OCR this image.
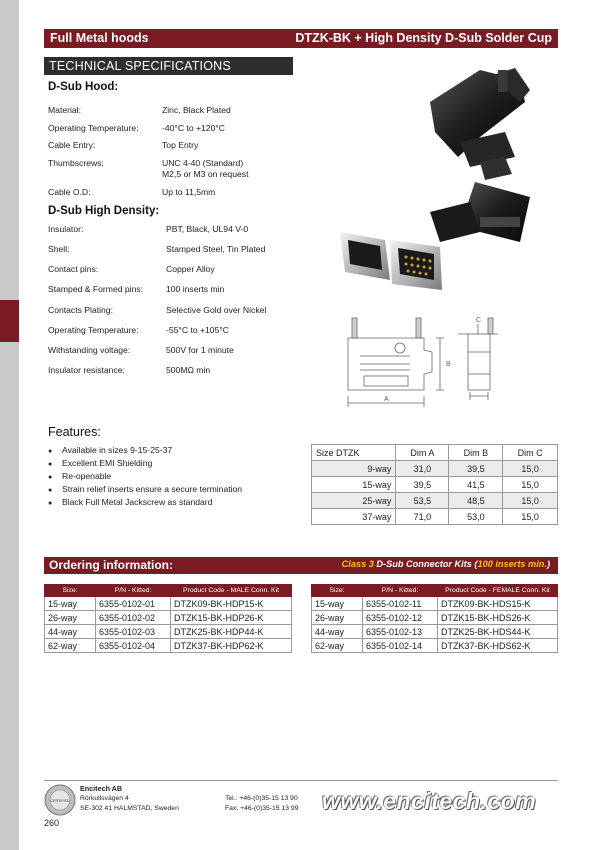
Full Metal hoods	DTZK-BK + High Density D-Sub Solder Cup
TECHNICAL SPECIFICATIONS
D-Sub Hood:
Material:	Zinc, Black Plated
Operating Temperature:	-40°C to +120°C
Cable Entry:	Top Entry
Thumbscrews:	UNC 4-40 (Standard)
M2,5 or M3 on request
Cable O.D:	Up to 11,5mm
D-Sub High Density:
Insulator:	PBT, Black, UL94 V-0
Shell:	Stamped Steel, Tin Plated
Contact pins:	Copper Alloy
Stamped & Formed pins:	100 inserts min
Contacts Plating:	Selective Gold over Nickel
Operating Temperature:	-55°C to +105°C
Withstanding voltage:	500V for 1 minute
Insulator resistance:	500MΩ min
A
B
C
Features:
● Available in sizes 9-15-25-37
● Excellent EMI Shielding
● Re-openable
● Strain relief inserts ensure a secure termination
● Black Full Metal Jackscrew as standard
Size DTZK	Dim A	Dim B	Dim C
9-way	31,0	39,5	15,0
15-way	39,5	41,5	15,0
25-way	53,5	48,5	15,0
37-way	71,0	53,0	15,0
Ordering information:	Class 3 D-Sub Connector Kits (100 inserts min.)
Size:	P/N - Kitted:	Product Code - MALE Conn. Kit
15-way	6355-0102-01	DTZK09-BK-HDP15-K
26-way	6355-0102-02	DTZK15-BK-HDP26-K
44-way	6355-0102-03	DTZK25-BK-HDP44-K
62-way	6355-0102-04	DTZK37-BK-HDP62-K
Size:	P/N - Kitted:	Product Code - FEMALE Conn. Kit
15-way	6355-0102-11	DTZK09-BK-HDS15-K
26-way	6355-0102-12	DTZK15-BK-HDS26-K
44-way	6355-0102-13	DTZK25-BK-HDS44-K
62-way	6355-0102-14	DTZK37-BK-HDS62-K
CERTIFIED
Encitech AB
Rörkullsvägen 4
SE-302 41 HALMSTAD, Sweden
Tel.: +46-(0)35-15 13 90
Fax: +46-(0)35-15 13 99 www.encitech.com
260
